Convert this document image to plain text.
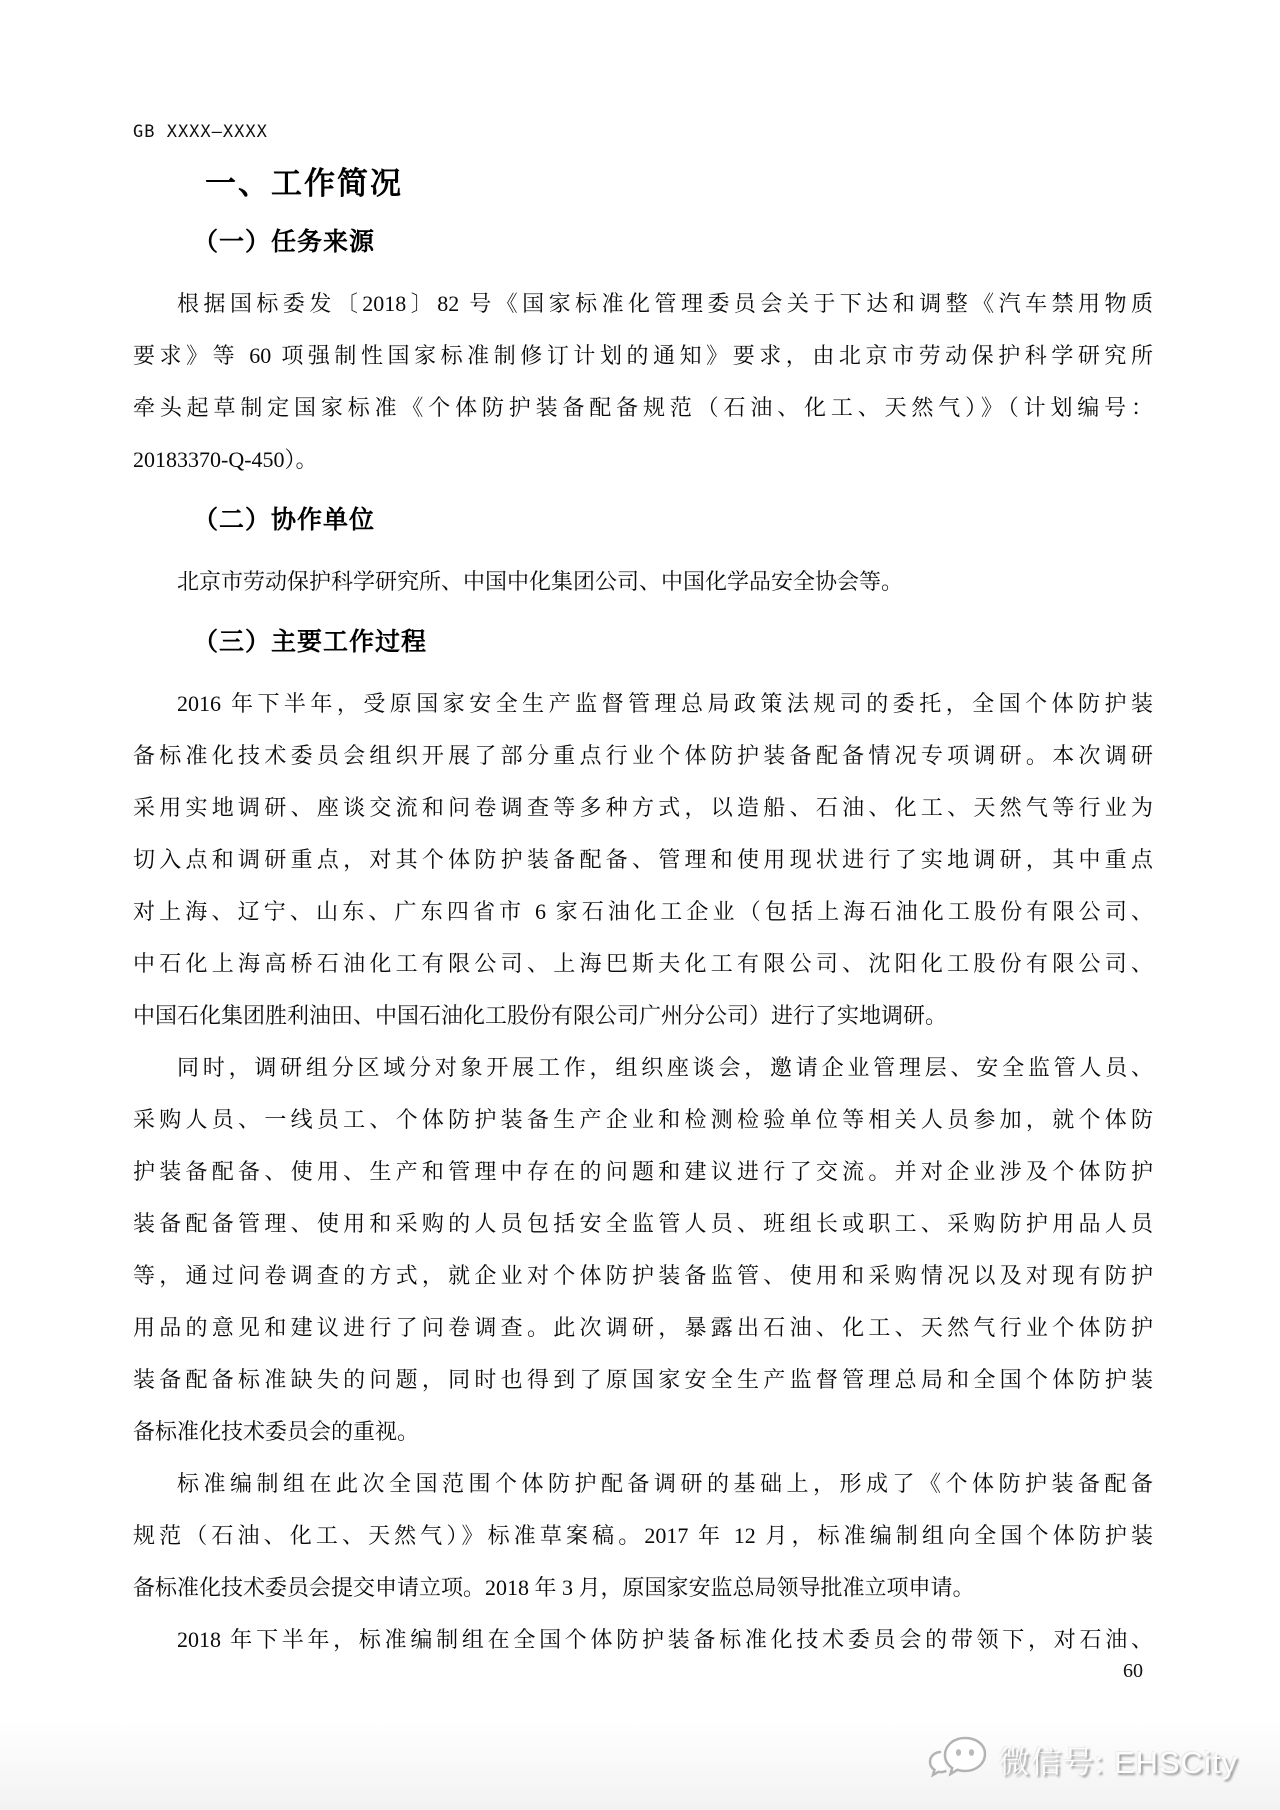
GB XXXX—XXXX
一、工作简况
（一）任务来源
根据国标委发〔2018〕82 号《国家标准化管理委员会关于下达和调整《汽车禁用物质
要求》等 60 项强制性国家标准制修订计划的通知》要求，由北京市劳动保护科学研究所
牵头起草制定国家标准《个体防护装备配备规范（石油、化工、天然气）》（计划编号：
20183370-Q-450）。
（二）协作单位
北京市劳动保护科学研究所、中国中化集团公司、中国化学品安全协会等。
（三）主要工作过程
2016 年下半年，受原国家安全生产监督管理总局政策法规司的委托，全国个体防护装
备标准化技术委员会组织开展了部分重点行业个体防护装备配备情况专项调研。本次调研
采用实地调研、座谈交流和问卷调查等多种方式，以造船、石油、化工、天然气等行业为
切入点和调研重点，对其个体防护装备配备、管理和使用现状进行了实地调研，其中重点
对上海、辽宁、山东、广东四省市 6 家石油化工企业（包括上海石油化工股份有限公司、
中石化上海高桥石油化工有限公司、上海巴斯夫化工有限公司、沈阳化工股份有限公司、
中国石化集团胜利油田、中国石油化工股份有限公司广州分公司）进行了实地调研。
同时，调研组分区域分对象开展工作，组织座谈会，邀请企业管理层、安全监管人员、
采购人员、一线员工、个体防护装备生产企业和检测检验单位等相关人员参加，就个体防
护装备配备、使用、生产和管理中存在的问题和建议进行了交流。并对企业涉及个体防护
装备配备管理、使用和采购的人员包括安全监管人员、班组长或职工、采购防护用品人员
等，通过问卷调查的方式，就企业对个体防护装备监管、使用和采购情况以及对现有防护
用品的意见和建议进行了问卷调查。此次调研，暴露出石油、化工、天然气行业个体防护
装备配备标准缺失的问题，同时也得到了原国家安全生产监督管理总局和全国个体防护装
备标准化技术委员会的重视。
标准编制组在此次全国范围个体防护配备调研的基础上，形成了《个体防护装备配备
规范（石油、化工、天然气）》标准草案稿。2017 年 12 月，标准编制组向全国个体防护装
备标准化技术委员会提交申请立项。2018 年 3 月，原国家安监总局领导批准立项申请。
2018 年下半年，标准编制组在全国个体防护装备标准化技术委员会的带领下，对石油、
60
微信号: EHSCity
